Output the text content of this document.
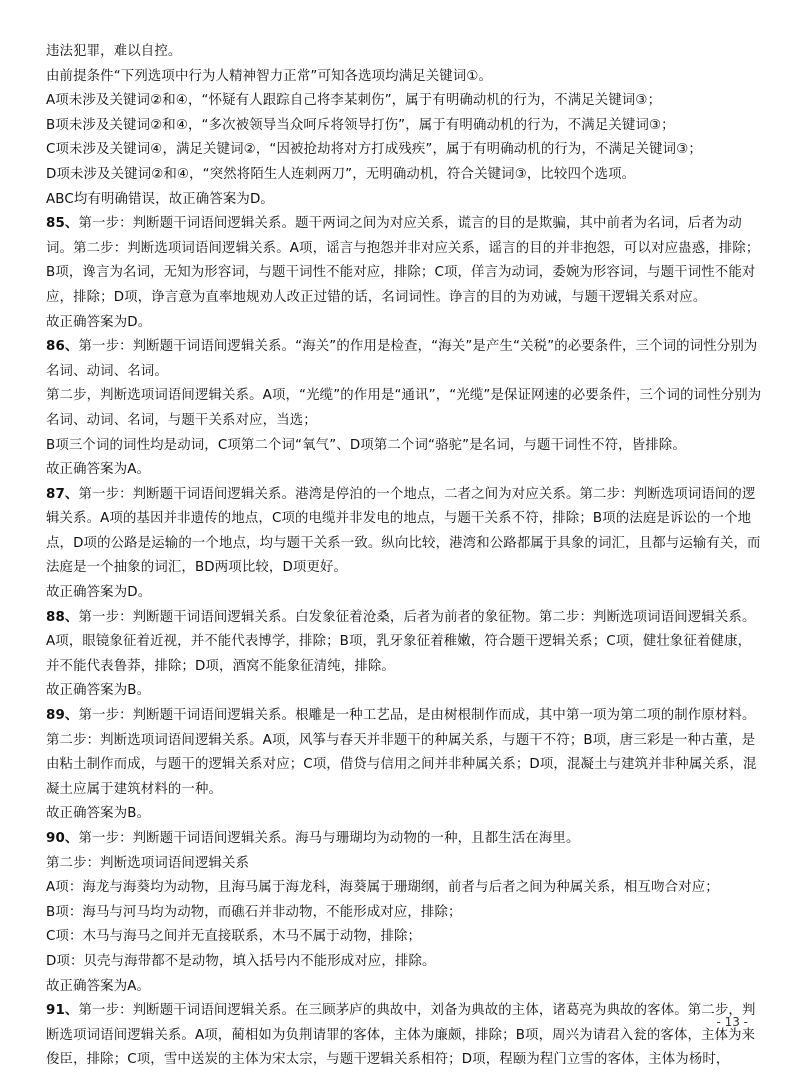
违法犯罪，难以自控。

由前提条件“下列选项中行为人精神智力正常”可知各选项均满足关键词①。

A项未涉及关键词②和④，“怀疑有人跟踪自己将李某刺伤”，属于有明确动机的行为，不满足关键词③；

B项未涉及关键词②和④，“多次被领导当众呵斥将领导打伤”，属于有明确动机的行为，不满足关键词③；

C项未涉及关键词④，满足关键词②，“因被抢劫将对方打成残疾”，属于有明确动机的行为，不满足关键词③；

D项未涉及关键词②和④，“突然将陌生人连刺两刀”，无明确动机，符合关键词③，比较四个选项。

ABC均有明确错误，故正确答案为D。

85、第一步：判断题干词语间逻辑关系。题干两词之间为对应关系，谎言的目的是欺骗，其中前者为名词，后者为动词。第二步：判断选项词语间逻辑关系。A项，谣言与抱怨并非对应关系，谣言的目的并非抱怨，可以对应蛊惑，排除；B项，谗言为名词，无知为形容词，与题干词性不能对应，排除；C项，佯言为动词，委婉为形容词，与题干词性不能对应，排除；D项，诤言意为直率地规劝人改正过错的话，名词词性。诤言的目的为劝诫，与题干逻辑关系对应。

故正确答案为D。

86、第一步：判断题干词语间逻辑关系。“海关”的作用是检查，“海关”是产生“关税”的必要条件，三个词的词性分别为名词、动词、名词。

第二步，判断选项词语间逻辑关系。A项，“光缆”的作用是“通讯”，“光缆”是保证网速的必要条件，三个词的词性分别为名词、动词、名词，与题干关系对应，当选；

B项三个词的词性均是动词，C项第二个词“氧气”、D项第二个词“骆驼”是名词，与题干词性不符，皆排除。

故正确答案为A。

87、第一步：判断题干词语间逻辑关系。港湾是停泊的一个地点，二者之间为对应关系。第二步：判断选项词语间的逻辑关系。A项的基因并非遗传的地点，C项的电缆并非发电的地点，与题干关系不符，排除；B项的法庭是诉讼的一个地点，D项的公路是运输的一个地点，均与题干关系一致。纵向比较，港湾和公路都属于具象的词汇，且都与运输有关，而法庭是一个抽象的词汇，BD两项比较，D项更好。

故正确答案为D。

88、第一步：判断题干词语间逻辑关系。白发象征着沧桑，后者为前者的象征物。第二步：判断选项词语间逻辑关系。A项，眼镜象征着近视，并不能代表博学，排除；B项，乳牙象征着稚嫩，符合题干逻辑关系；C项，健壮象征着健康，并不能代表鲁莽，排除；D项，酒窝不能象征清纯，排除。

故正确答案为B。

89、第一步：判断题干词语间逻辑关系。根雕是一种工艺品，是由树根制作而成，其中第一项为第二项的制作原材料。第二步：判断选项词语间逻辑关系。A项，风筝与春天并非题干的种属关系，与题干不符；B项，唐三彩是一种古董，是由粘土制作而成，与题干的逻辑关系对应；C项，借贷与信用之间并非种属关系；D项，混凝土与建筑并非种属关系，混凝土应属于建筑材料的一种。

故正确答案为B。

90、第一步：判断题干词语间逻辑关系。海马与珊瑚均为动物的一种，且都生活在海里。

第二步：判断选项词语间逻辑关系

A项：海龙与海葵均为动物，且海马属于海龙科，海葵属于珊瑚纲，前者与后者之间为种属关系，相互吻合对应；

B项：海马与河马均为动物，而礁石并非动物，不能形成对应，排除；

C项：木马与海马之间并无直接联系，木马不属于动物，排除；

D项：贝壳与海带都不是动物，填入括号内不能形成对应，排除。

故正确答案为A。

91、第一步：判断题干词语间逻辑关系。在三顾茅庐的典故中，刘备为典故的主体，诸葛亮为典故的客体。第二步，判断选项词语间逻辑关系。A项，蔺相如为负荆请罪的客体，主体为廉颇，排除；B项，周兴为请君入瓮的客体，主体为来俊臣，排除；C项，雪中送炭的主体为宋太宗，与题干逻辑关系相符；D项，程颐为程门立雪的客体，主体为杨时，

- 13 -
